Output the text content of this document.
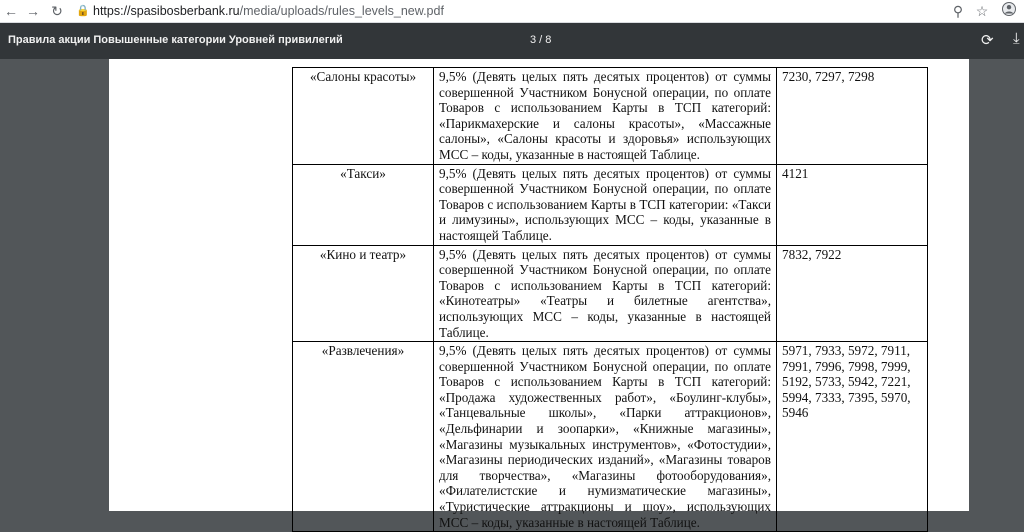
← → ↻ 🔒 https://spasibosberbank.ru/media/uploads/rules_levels_new.pdf	⚲ ☆
Правила акции Повышенные категории Уровней привилегий	3 / 8	⟳ ⤓
«Салоны красоты»	9,5% (Девять целых пять десятых процентов) от суммы совершенной Участником Бонусной операции, по оплате Товаров с использованием Карты в ТСП категорий: «Парикмахерские и салоны красоты», «Массажные салоны», «Салоны красоты и здоровья» использующих МСС – коды, указанные в настоящей Таблице.	7230, 7297, 7298
«Такси»	9,5% (Девять целых пять десятых процентов) от суммы совершенной Участником Бонусной операции, по оплате Товаров с использованием Карты в ТСП категории: «Такси и лимузины», использующих МСС – коды, указанные в настоящей Таблице.	4121
«Кино и театр»	9,5% (Девять целых пять десятых процентов) от суммы совершенной Участником Бонусной операции, по оплате Товаров с использованием Карты в ТСП категорий: «Кинотеатры» «Театры и билетные агентства», использующих МСС – коды, указанные в настоящей Таблице.	7832, 7922
«Развлечения»	9,5% (Девять целых пять десятых процентов) от суммы совершенной Участником Бонусной операции, по оплате Товаров с использованием Карты в ТСП категорий: «Продажа художественных работ», «Боулинг-клубы», «Танцевальные школы», «Парки аттракционов», «Дельфинарии и зоопарки», «Книжные магазины», «Магазины музыкальных инструментов», «Фотостудии», «Магазины периодических изданий», «Магазины товаров для творчества», «Магазины фотооборудования», «Филателистские и нумизматические магазины», «Туристические аттракционы и шоу», использующих МСС – коды, указанные в настоящей Таблице.	5971, 7933, 5972, 7911, 7991, 7996, 7998, 7999, 5192, 5733, 5942, 7221, 5994, 7333, 7395, 5970, 5946
